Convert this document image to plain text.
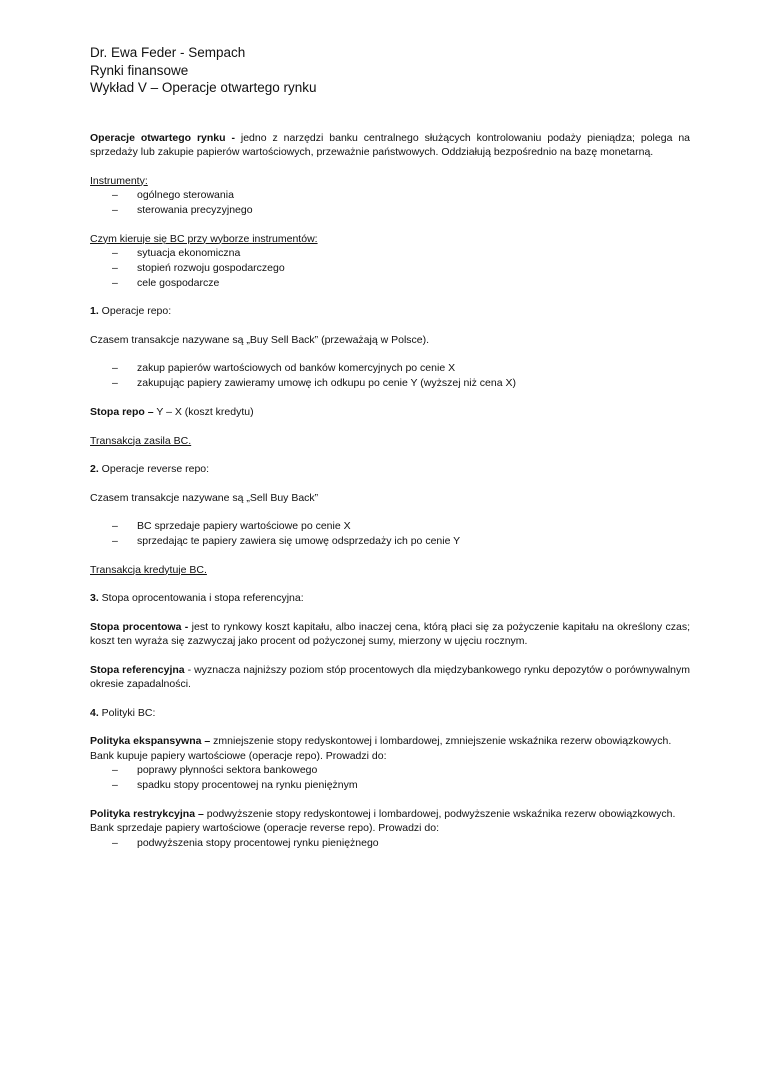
Dr. Ewa Feder - Sempach
Rynki finansowe
Wykład V – Operacje otwartego rynku

Operacje otwartego rynku - jedno z narzędzi banku centralnego służących kontrolowaniu podaży pieniądza; polega na sprzedaży lub zakupie papierów wartościowych, przeważnie państwowych. Oddziałują bezpośrednio na bazę monetarną.

Instrumenty:

– ogólnego sterowania
– sterowania precyzyjnego

Czym kieruje się BC przy wyborze instrumentów:

– sytuacja ekonomiczna
– stopień rozwoju gospodarczego
– cele gospodarcze

1. Operacje repo:

Czasem transakcje nazywane są „Buy Sell Back” (przeważają w Polsce).

– zakup papierów wartościowych od banków komercyjnych po cenie X
– zakupując papiery zawieramy umowę ich odkupu po cenie Y (wyższej niż cena X)

Stopa repo – Y – X (koszt kredytu)

Transakcja zasila BC.

2. Operacje reverse repo:

Czasem transakcje nazywane są „Sell Buy Back”

– BC sprzedaje papiery wartościowe po cenie X
– sprzedając te papiery zawiera się umowę odsprzedaży ich po cenie Y

Transakcja kredytuje BC.

3. Stopa oprocentowania i stopa referencyjna:

Stopa procentowa - jest to rynkowy koszt kapitału, albo inaczej cena, którą płaci się za pożyczenie kapitału na określony czas; koszt ten wyraża się zazwyczaj jako procent od pożyczonej sumy, mierzony w ujęciu rocznym.

Stopa referencyjna - wyznacza najniższy poziom stóp procentowych dla międzybankowego rynku depozytów o porównywalnym okresie zapadalności.

4. Polityki BC:

Polityka ekspansywna – zmniejszenie stopy redyskontowej i lombardowej, zmniejszenie wskaźnika rezerw obowiązkowych.

Bank kupuje papiery wartościowe (operacje repo). Prowadzi do:

– poprawy płynności sektora bankowego
– spadku stopy procentowej na rynku pieniężnym

Polityka restrykcyjna – podwyższenie stopy redyskontowej i lombardowej, podwyższenie wskaźnika rezerw obowiązkowych.

Bank sprzedaje papiery wartościowe (operacje reverse repo). Prowadzi do:

– podwyższenia stopy procentowej rynku pieniężnego
